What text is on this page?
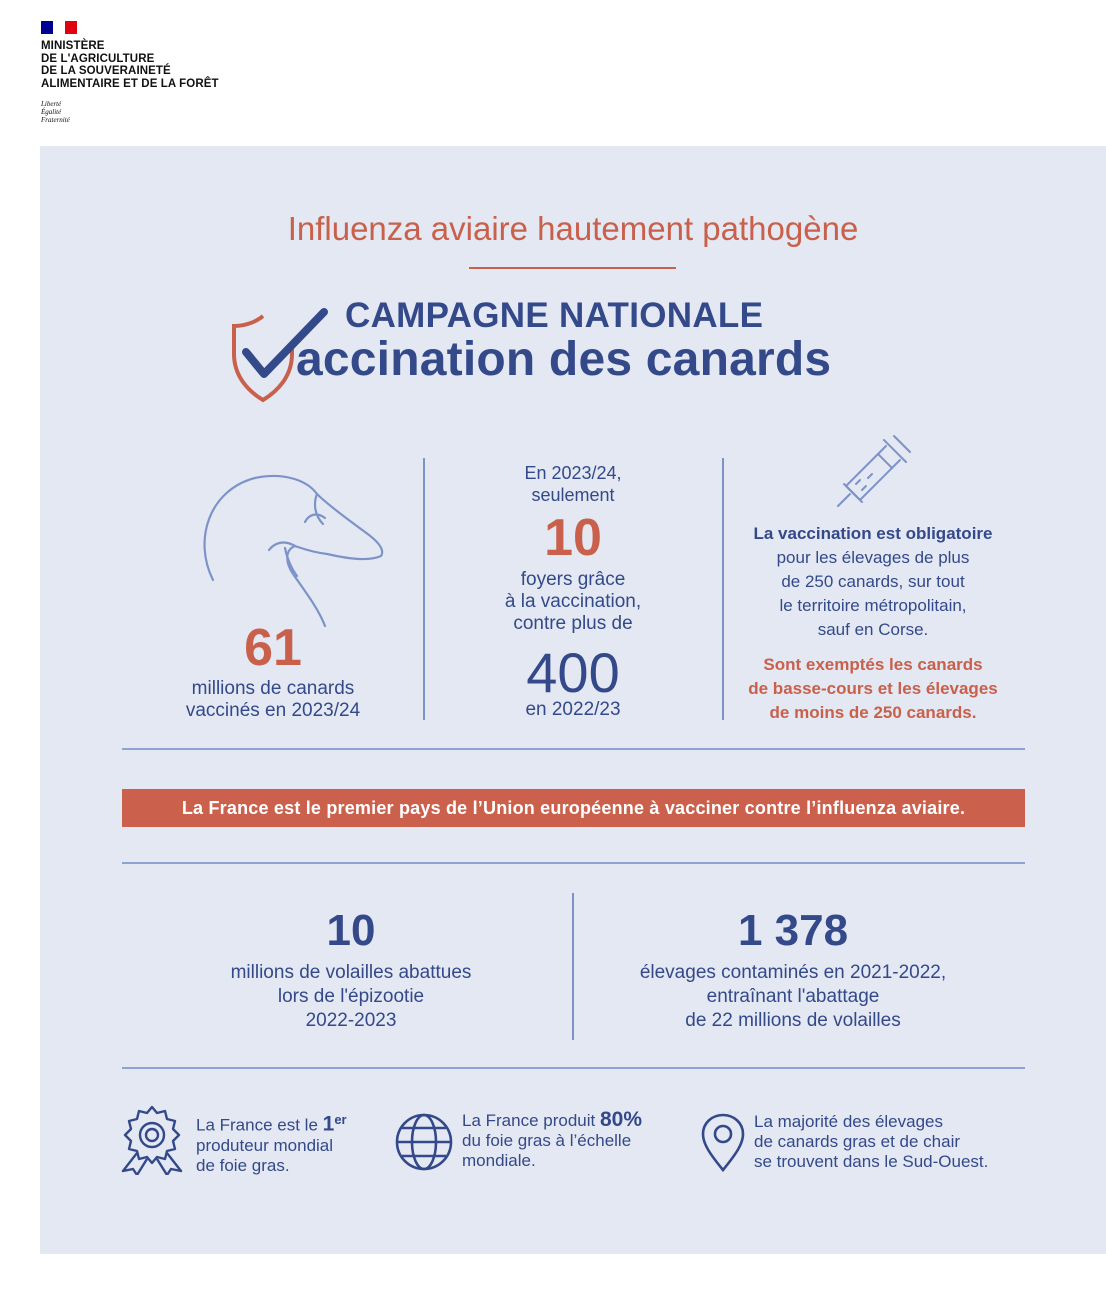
MINISTÈRE
DE L'AGRICULTURE
DE LA SOUVERAINETÉ
ALIMENTAIRE ET DE LA FORÊT
Liberté
Égalité
Fraternité
Influenza aviaire hautement pathogène
CAMPAGNE NATIONALE
accination des canards
61
millions de canards
vaccinés en 2023/24
En 2023/24,
seulement
10
foyers grâce
à la vaccination,
contre plus de
400
en 2022/23
La vaccination est obligatoire
pour les élevages de plus
de 250 canards, sur tout
le territoire métropolitain,
sauf en Corse.
Sont exemptés les canards
de basse-cours et les élevages
de moins de 250 canards.
La France est le premier pays de l’Union européenne à vacciner contre l’influenza aviaire.
10
millions de volailles abattues
lors de l'épizootie
2022-2023
1 378
élevages contaminés en 2021-2022,
entraînant l'abattage
de 22 millions de volailles
La France est le 1er
produteur mondial
de foie gras.
La France produit 80%
du foie gras à l’échelle
mondiale.
La majorité des élevages
de canards gras et de chair
se trouvent dans le Sud-Ouest.
